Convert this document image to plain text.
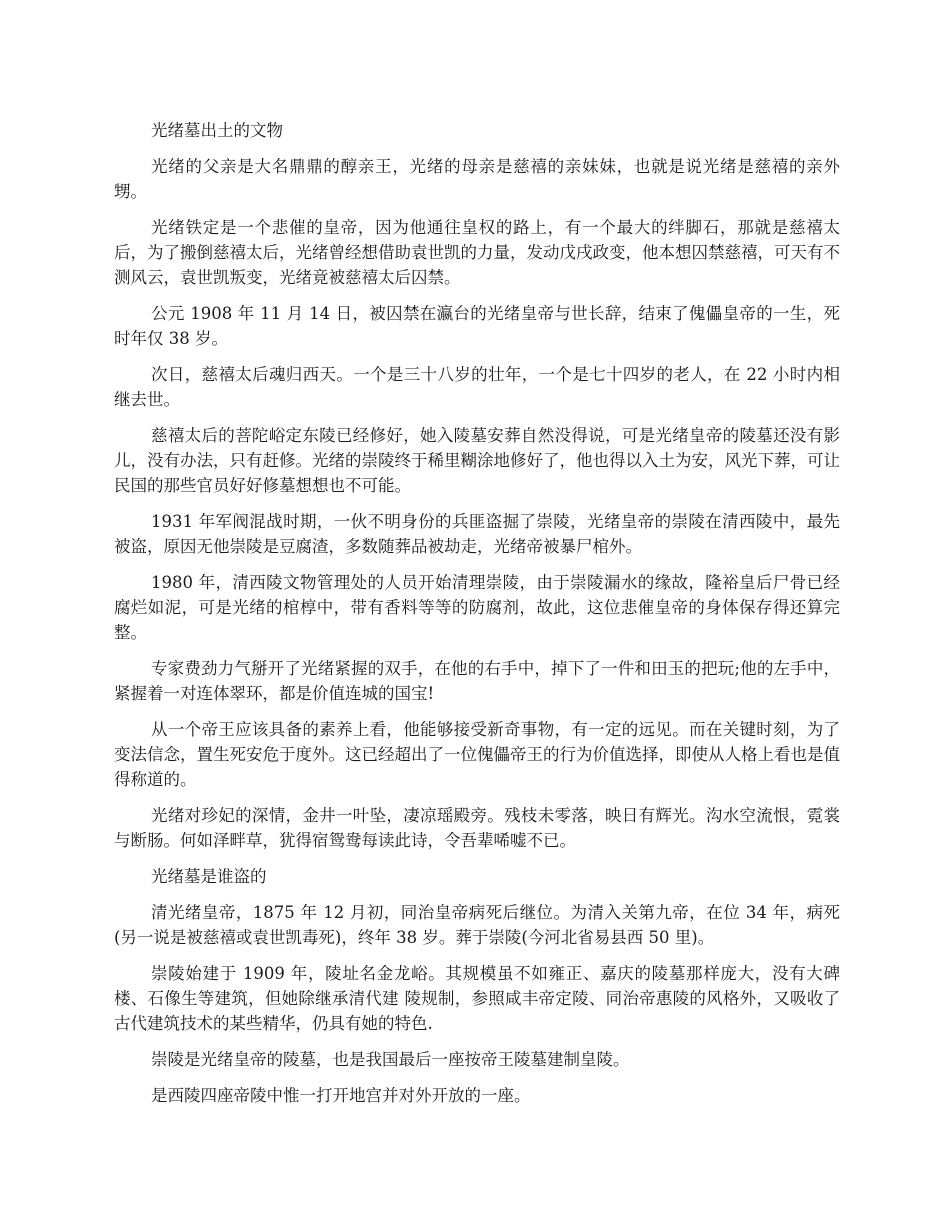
光绪墓出土的文物

光绪的父亲是大名鼎鼎的醇亲王，光绪的母亲是慈禧的亲妹妹，也就是说光绪是慈禧的亲外甥。

光绪铁定是一个悲催的皇帝，因为他通往皇权的路上，有一个最大的绊脚石，那就是慈禧太后，为了搬倒慈禧太后，光绪曾经想借助袁世凯的力量，发动戊戌政变，他本想囚禁慈禧，可天有不测风云，袁世凯叛变，光绪竟被慈禧太后囚禁。

公元 1908 年 11 月 14 日，被囚禁在瀛台的光绪皇帝与世长辞，结束了傀儡皇帝的一生，死时年仅 38 岁。

次日，慈禧太后魂归西天。一个是三十八岁的壮年，一个是七十四岁的老人，在 22 小时内相继去世。

慈禧太后的菩陀峪定东陵已经修好，她入陵墓安葬自然没得说，可是光绪皇帝的陵墓还没有影儿，没有办法，只有赶修。光绪的崇陵终于稀里糊涂地修好了，他也得以入土为安，风光下葬，可让民国的那些官员好好修墓想想也不可能。

1931 年军阀混战时期，一伙不明身份的兵匪盗掘了崇陵，光绪皇帝的崇陵在清西陵中，最先被盗，原因无他崇陵是豆腐渣，多数随葬品被劫走，光绪帝被暴尸棺外。

1980 年，清西陵文物管理处的人员开始清理崇陵，由于崇陵漏水的缘故，隆裕皇后尸骨已经腐烂如泥，可是光绪的棺椁中，带有香料等等的防腐剂，故此，这位悲催皇帝的身体保存得还算完整。

专家费劲力气掰开了光绪紧握的双手，在他的右手中，掉下了一件和田玉的把玩;他的左手中，紧握着一对连体翠环，都是价值连城的国宝!

从一个帝王应该具备的素养上看，他能够接受新奇事物，有一定的远见。而在关键时刻，为了变法信念，置生死安危于度外。这已经超出了一位傀儡帝王的行为价值选择，即使从人格上看也是值得称道的。

光绪对珍妃的深情，金井一叶坠，凄凉瑶殿旁。残枝未零落，映日有辉光。沟水空流恨，霓裳与断肠。何如泽畔草，犹得宿鸳鸯每读此诗，令吾辈唏嘘不已。

光绪墓是谁盗的

清光绪皇帝，1875 年 12 月初，同治皇帝病死后继位。为清入关第九帝，在位 34 年，病死(另一说是被慈禧或袁世凯毒死)，终年 38 岁。葬于崇陵(今河北省易县西 50 里)。

崇陵始建于 1909 年，陵址名金龙峪。其规模虽不如雍正、嘉庆的陵墓那样庞大，没有大碑楼、石像生等建筑，但她除继承清代建 陵规制，参照咸丰帝定陵、同治帝惠陵的风格外，又吸收了古代建筑技术的某些精华，仍具有她的特色.

崇陵是光绪皇帝的陵墓，也是我国最后一座按帝王陵墓建制皇陵。

是西陵四座帝陵中惟一打开地宫并对外开放的一座。
